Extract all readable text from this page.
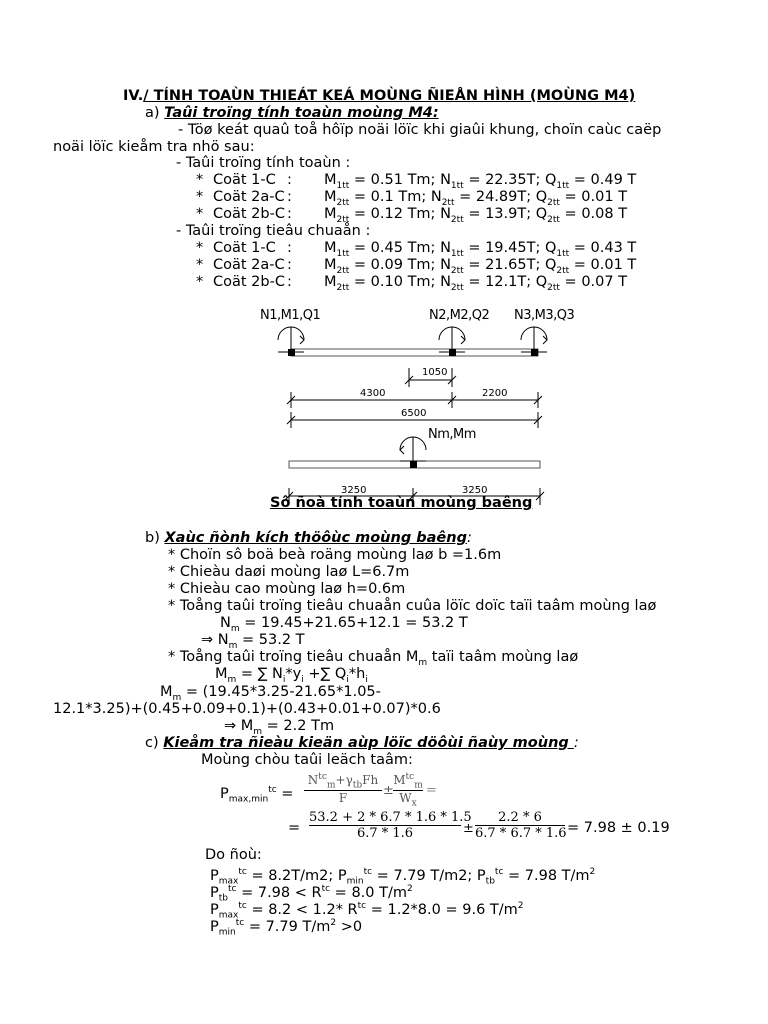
IV./ TÍNH TOAÙN THIEÁT KEÁ MOÙNG ÑIEÅN HÌNH (MOÙNG M4)
a) Taûi troïng tính toaùn moùng M4:
- Töø keát quaû toå hôïp noäi löïc khi giaûi khung, choïn caùc caëp
noäi löïc kieåm tra nhö sau:
- Taûi troïng tính toaùn :
* Coät 1-C : $M_{1tt} = 0.51$ Tm; $N_{1tt} = 22.35T$; $Q_{1tt} = 0.49$ T
* Coät 2a-C : $M_{2tt} = 0.1$ Tm; $N_{2tt} = 24.89T$; $Q_{2tt} = 0.01$ T
* Coät 2b-C : $M_{2tt} = 0.12$ Tm; $N_{2tt} = 13.9T$; $Q_{2tt} = 0.08$ T
- Taûi troïng tieâu chuaån :
* Coät 1-C : $M_{1tt} = 0.45$ Tm; $N_{1tt} = 19.45T$; $Q_{1tt} = 0.43$ T
* Coät 2a-C : $M_{2tt} = 0.09$ Tm; $N_{2tt} = 21.65T$; $Q_{2tt} = 0.01$ T
* Coät 2b-C : $M_{2tt} = 0.10$ Tm; $N_{2tt} = 12.1T$; $Q_{2tt} = 0.07$ T
N1,M1,Q1	N2,M2,Q2 N3,M3,Q3
1050
4300	2200
6500
Nm,Mm
3250	3250
Sô ñoà tính toaùn moùng baêng
b) Xaùc ñònh kích thöôùc moùng baêng:
* Choïn sô boä beà roäng moùng laø b =1.6m
* Chieàu daøi moùng laø L=6.7m
* Chieàu cao moùng laø h=0.6m
* Toång taûi troïng tieâu chuaån cuûa löïc doïc taïi taâm moùng laø
$N_m = 19.45+21.65+12.1 = 53.2$ T
⇒ $N_m = 53.2$ T
* Toång taûi troïng tieâu chuaån $M_m$ taïi taâm moùng laø
$M_m$ = ∑ $N_i*y_i$ +∑ $Q_i*h_i$
$M_m = (19.45*3.25-21.65*1.05-$
12.1*3.25)+(0.45+0.09+0.1)+(0.43+0.01+0.07)*0.6
⇒ $M_m = 2.2$ Tm
c) Kieåm tra ñieàu kieän aùp löïc döôùi ñaùy moùng :
Moùng chòu taûi leäch taâm:
$P_{max,min}^{tc}$ =
$N^{tc}_m+\gamma_{tb}Fh$
F
±
$M^{tc}_m$
$W_x$
=
= $\frac{53.2 + 2 * 6.7 * 1.6 * 1.5}{6.7 * 1.6} \pm \frac{2.2 * 6}{6.7 * 6.7 * 1.6} = 7.98 \pm 0.19$
Do ñoù:
$P_{max}^{tc} = 8.2T/m2$; $P_{min}^{tc} = 7.79$ T/m2; $P_{tb}^{tc} = 7.98$ $T/m^2$
$P_{tb}^{tc} = 7.98 < R^{tc} = 8.0$ $T/m^2$
$P_{max}^{tc} = 8.2 < 1.2*$ $R^{tc} = 1.2*8.0 = 9.6$ $T/m^2$
$P_{min}^{tc} = 7.79$ $T/m^2 >0$
